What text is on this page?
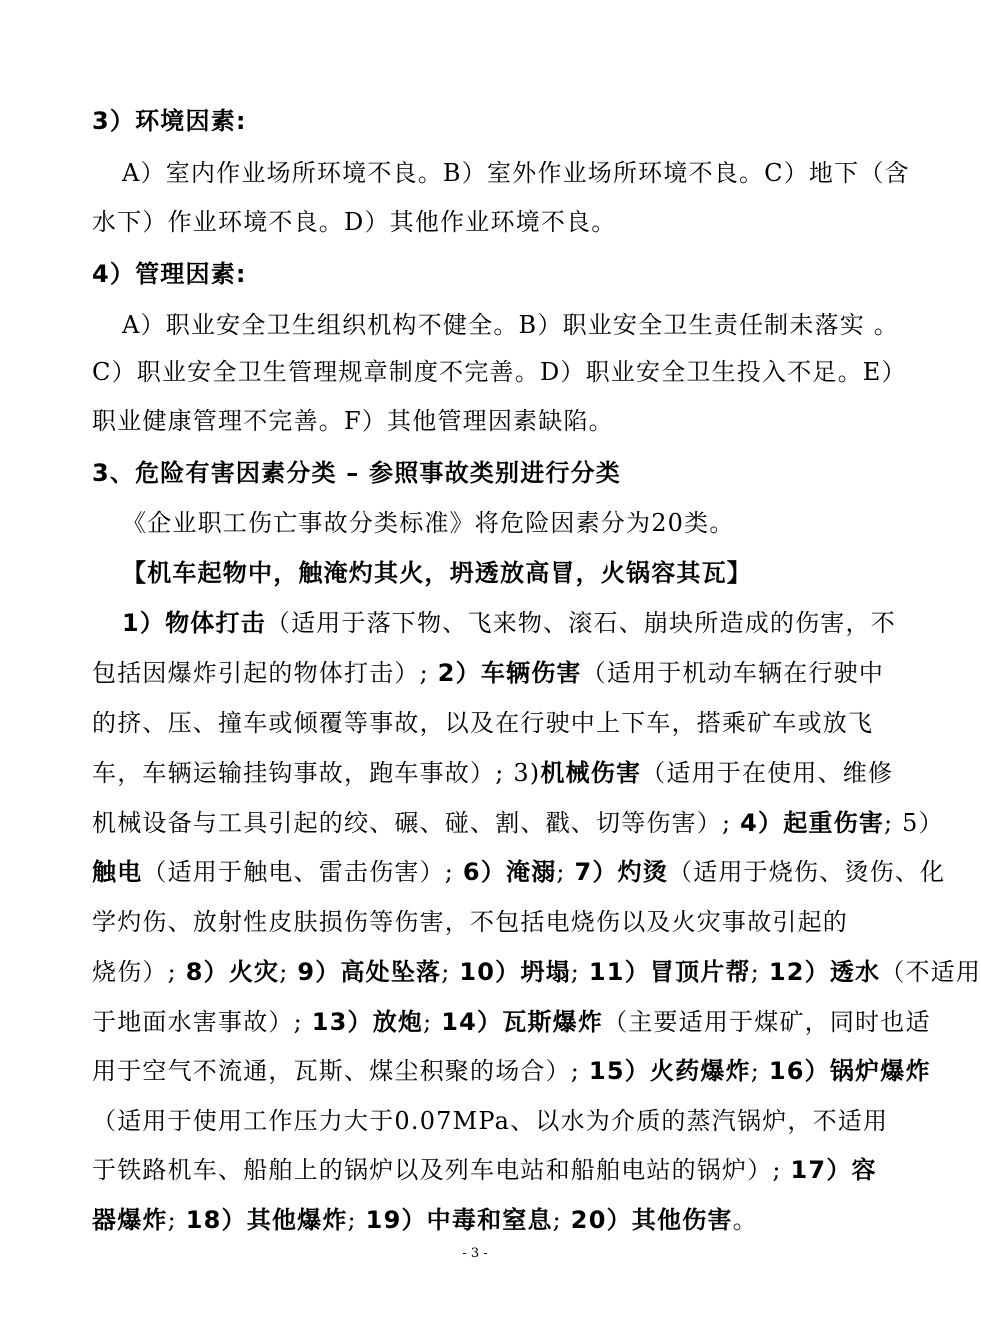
3）环境因素:
A）室内作业场所环境不良。B）室外作业场所环境不良。C）地下（含
水下）作业环境不良。D）其他作业环境不良。
4）管理因素:
A）职业安全卫生组织机构不健全。B）职业安全卫生责任制未落实 。
C）职业安全卫生管理规章制度不完善。D）职业安全卫生投入不足。E）
职业健康管理不完善。F）其他管理因素缺陷。
3、危险有害因素分类 – 参照事故类别进行分类
《企业职工伤亡事故分类标准》将危险因素分为20类。
【机车起物中，触淹灼其火，坍透放高冒，火锅容其瓦】
1）物体打击（适用于落下物、飞来物、滚石、崩块所造成的伤害，不
包括因爆炸引起的物体打击）; 2）车辆伤害（适用于机动车辆在行驶中
的挤、压、撞车或倾覆等事故，以及在行驶中上下车，搭乘矿车或放飞
车，车辆运输挂钩事故，跑车事故）; 3)机械伤害（适用于在使用、维修
机械设备与工具引起的绞、碾、碰、割、戳、切等伤害）; 4）起重伤害; 5）
触电（适用于触电、雷击伤害）; 6）淹溺; 7）灼烫（适用于烧伤、烫伤、化
学灼伤、放射性皮肤损伤等伤害，不包括电烧伤以及火灾事故引起的
烧伤）; 8）火灾; 9）高处坠落; 10）坍塌; 11）冒顶片帮; 12）透水（不适用
于地面水害事故）; 13）放炮; 14）瓦斯爆炸（主要适用于煤矿，同时也适
用于空气不流通，瓦斯、煤尘积聚的场合）; 15）火药爆炸; 16）锅炉爆炸
（适用于使用工作压力大于0.07MPa、以水为介质的蒸汽锅炉，不适用
于铁路机车、船舶上的锅炉以及列车电站和船舶电站的锅炉）; 17）容
器爆炸; 18）其他爆炸; 19）中毒和窒息; 20）其他伤害。
- 3 -
